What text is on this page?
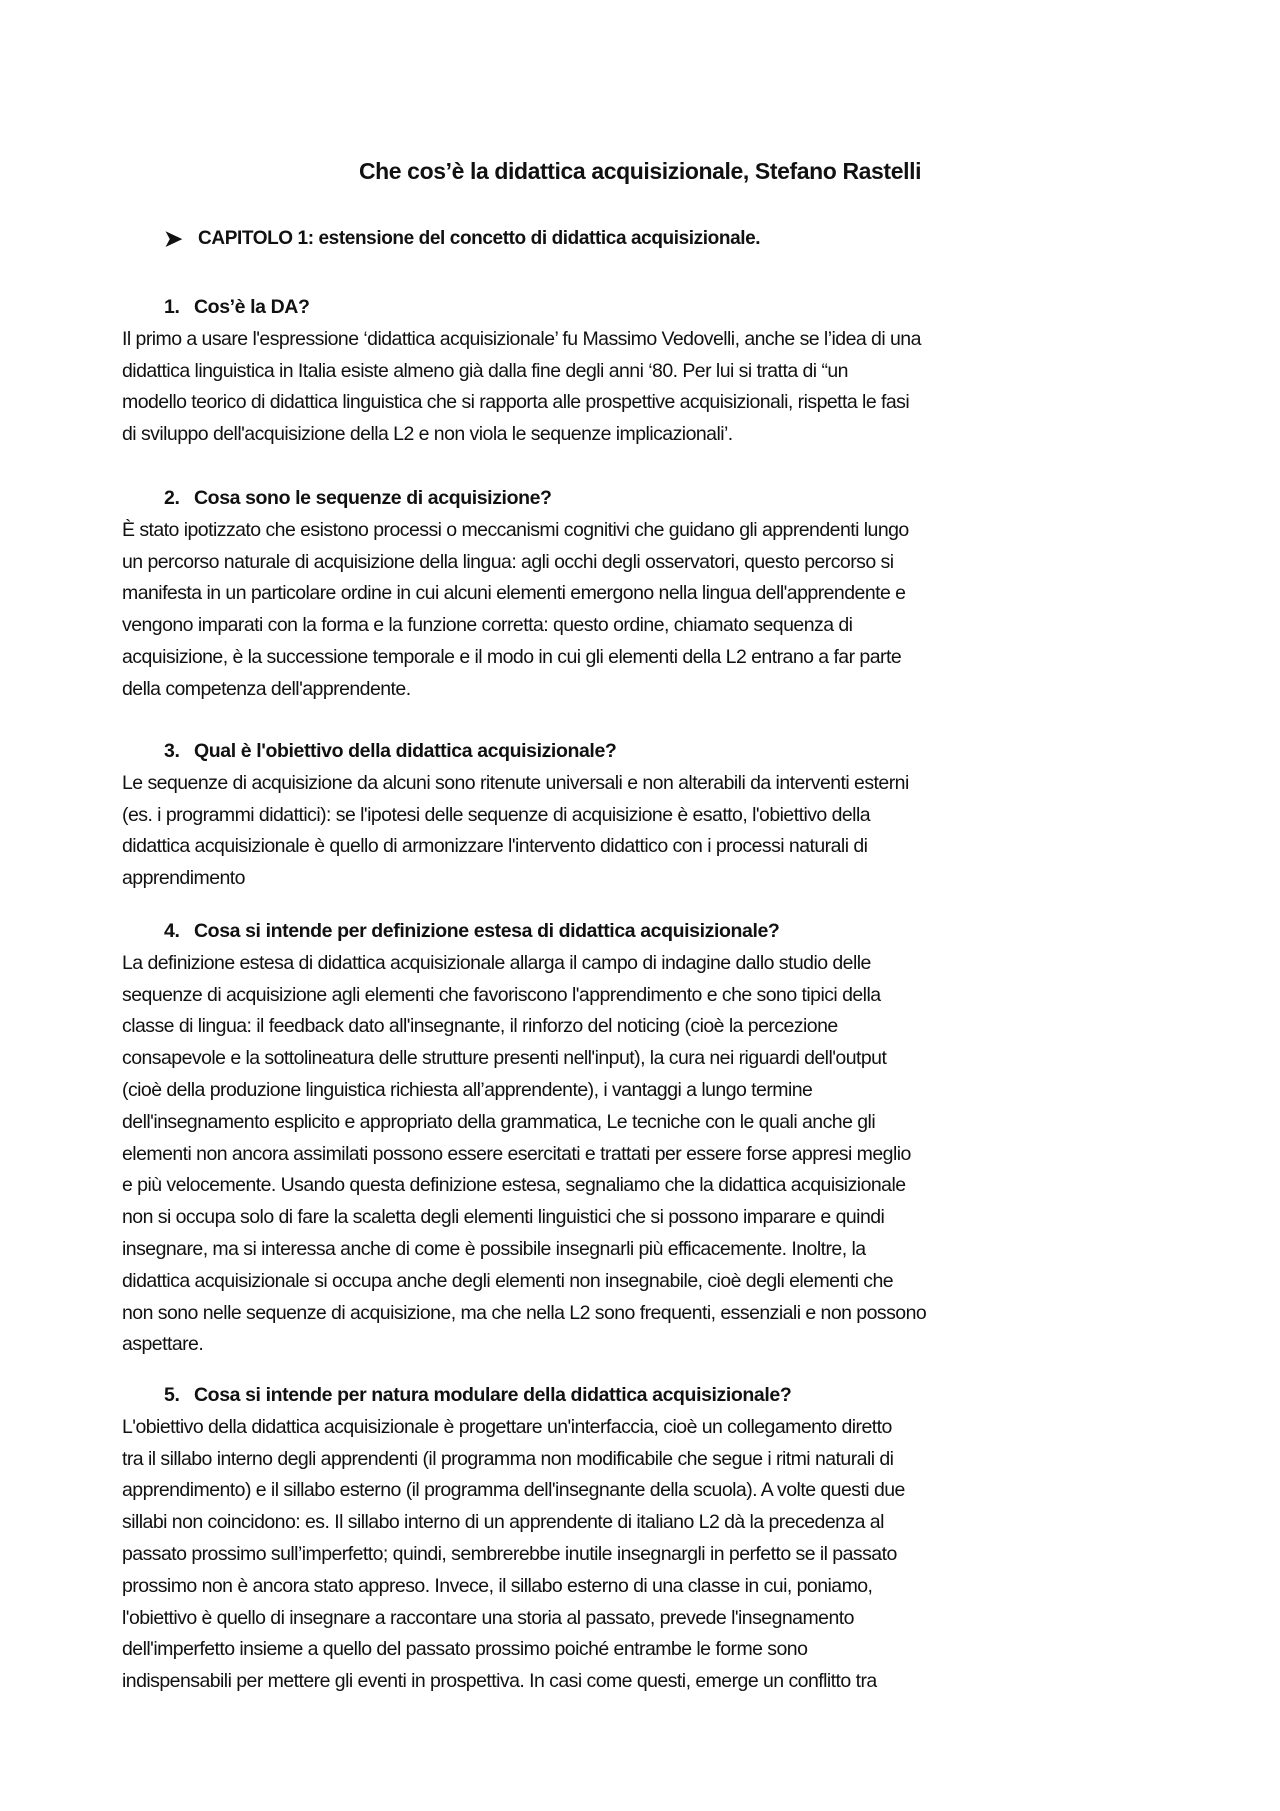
Che cos’è la didattica acquisizionale, Stefano Rastelli
➤ CAPITOLO 1: estensione del concetto di didattica acquisizionale.
1. Cos’è la DA?
Il primo a usare l'espressione ‘didattica acquisizionale’ fu Massimo Vedovelli, anche se l’idea di una
didattica linguistica in Italia esiste almeno già dalla fine degli anni ‘80. Per lui si tratta di “un
modello teorico di didattica linguistica che si rapporta alle prospettive acquisizionali, rispetta le fasi
di sviluppo dell'acquisizione della L2 e non viola le sequenze implicazionali’.
2. Cosa sono le sequenze di acquisizione?
È stato ipotizzato che esistono processi o meccanismi cognitivi che guidano gli apprendenti lungo
un percorso naturale di acquisizione della lingua: agli occhi degli osservatori, questo percorso si
manifesta in un particolare ordine in cui alcuni elementi emergono nella lingua dell'apprendente e
vengono imparati con la forma e la funzione corretta: questo ordine, chiamato sequenza di
acquisizione, è la successione temporale e il modo in cui gli elementi della L2 entrano a far parte
della competenza dell'apprendente.
3. Qual è l'obiettivo della didattica acquisizionale?
Le sequenze di acquisizione da alcuni sono ritenute universali e non alterabili da interventi esterni
(es. i programmi didattici): se l'ipotesi delle sequenze di acquisizione è esatto, l'obiettivo della
didattica acquisizionale è quello di armonizzare l'intervento didattico con i processi naturali di
apprendimento
4. Cosa si intende per definizione estesa di didattica acquisizionale?
La definizione estesa di didattica acquisizionale allarga il campo di indagine dallo studio delle
sequenze di acquisizione agli elementi che favoriscono l'apprendimento e che sono tipici della
classe di lingua: il feedback dato all'insegnante, il rinforzo del noticing (cioè la percezione
consapevole e la sottolineatura delle strutture presenti nell'input), la cura nei riguardi dell'output
(cioè della produzione linguistica richiesta all’apprendente), i vantaggi a lungo termine
dell'insegnamento esplicito e appropriato della grammatica, Le tecniche con le quali anche gli
elementi non ancora assimilati possono essere esercitati e trattati per essere forse appresi meglio
e più velocemente. Usando questa definizione estesa, segnaliamo che la didattica acquisizionale
non si occupa solo di fare la scaletta degli elementi linguistici che si possono imparare e quindi
insegnare, ma si interessa anche di come è possibile insegnarli più efficacemente. Inoltre, la
didattica acquisizionale si occupa anche degli elementi non insegnabile, cioè degli elementi che
non sono nelle sequenze di acquisizione, ma che nella L2 sono frequenti, essenziali e non possono
aspettare.
5. Cosa si intende per natura modulare della didattica acquisizionale?
L'obiettivo della didattica acquisizionale è progettare un'interfaccia, cioè un collegamento diretto
tra il sillabo interno degli apprendenti (il programma non modificabile che segue i ritmi naturali di
apprendimento) e il sillabo esterno (il programma dell'insegnante della scuola). A volte questi due
sillabi non coincidono: es. Il sillabo interno di un apprendente di italiano L2 dà la precedenza al
passato prossimo sull’imperfetto; quindi, sembrerebbe inutile insegnargli in perfetto se il passato
prossimo non è ancora stato appreso. Invece, il sillabo esterno di una classe in cui, poniamo,
l'obiettivo è quello di insegnare a raccontare una storia al passato, prevede l'insegnamento
dell'imperfetto insieme a quello del passato prossimo poiché entrambe le forme sono
indispensabili per mettere gli eventi in prospettiva. In casi come questi, emerge un conflitto tra
